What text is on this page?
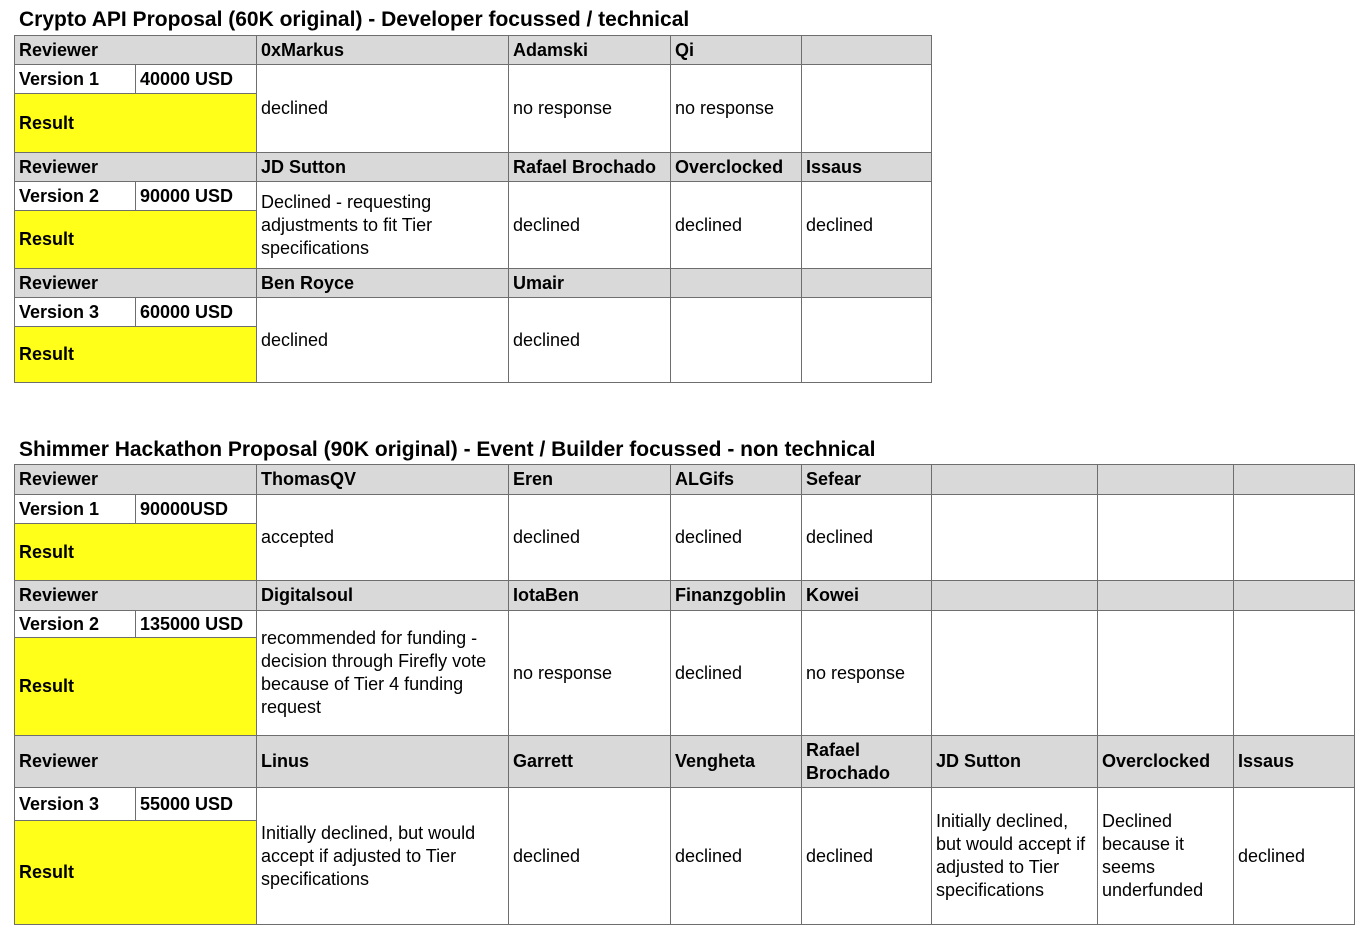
Crypto API Proposal (60K original) - Developer focussed / technical
Reviewer		0xMarkus	Adamski	Qi	
Version 1	40000 USD	declined	no response	no response	
Result					
Reviewer		JD Sutton	Rafael Brochado	Overclocked	Issaus
Version 2	90000 USD	Declined - requesting adjustments to fit Tier specifications	declined	declined	declined
Result					
Reviewer		Ben Royce	Umair		
Version 3	60000 USD	declined	declined		
Result					
Shimmer Hackathon Proposal (90K original) - Event / Builder focussed - non technical
Reviewer		ThomasQV	Eren	ALGifs	Sefear			
Version 1	90000USD	accepted	declined	declined	declined			
Result								
Reviewer		Digitalsoul	IotaBen	Finanzgoblin	Kowei			
Version 2	135000 USD	recommended for funding - decision through Firefly vote because of Tier 4 funding request	no response	declined	no response			
Result								
Reviewer		Linus	Garrett	Vengheta	Rafael Brochado	JD Sutton	Overclocked	Issaus
Version 3	55000 USD	Initially declined, but would accept if adjusted to Tier specifications	declined	declined	declined	Initially declined, but would accept if adjusted to Tier specifications	Declined because it seems underfunded	declined
Result								
